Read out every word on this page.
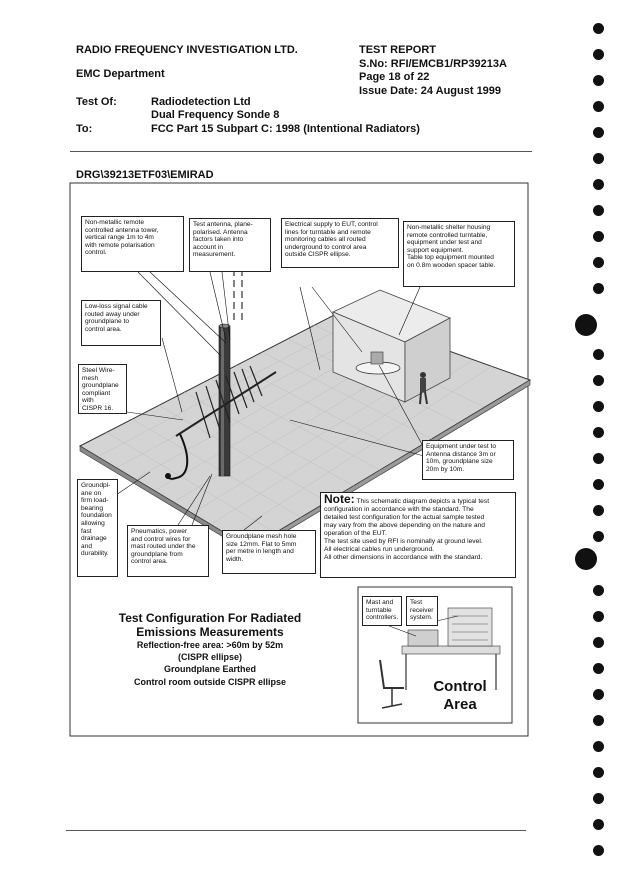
RADIO FREQUENCY INVESTIGATION LTD.
EMC Department
TEST REPORT
S.No: RFI/EMCB1/RP39213A
Page 18 of 22
Issue Date: 24 August 1999
Test Of:	Radiodetection Ltd
Dual Frequency Sonde 8
To:	FCC Part 15 Subpart C: 1998 (Intentional Radiators)
DRG\39213ETF03\EMIRAD
Non-metallic remote
controlled antenna tower,
vertical range 1m to 4m
with remote polarisation
control.
Test antenna, plane-
polarised. Antenna
factors taken into
account in
measurement.
Electrical supply to EUT, control
lines for turntable and remote
monitoring cables all routed
underground to control area
outside CISPR ellipse.
Non-metallic shelter housing
remote controlled turntable,
equipment under test and
support equipment.
Table top equipment mounted
on 0.8m wooden spacer table.
Low-loss signal cable
routed away under
groundplane to
control area.
Steel Wire-
mesh
groundplane
compliant with
CISPR 16.
Equipment under test to
Antenna distance 3m or
10m, groundplane size
20m by 10m.
Groundpl-
ane on
firm load-
bearing
foundation
allowing
fast
drainage
and
durability.
Pneumatics, power
and control wires for
mast routed under the
groundplane from
control area.
Groundplane mesh hole
size 12mm. Flat to 5mm
per metre in length and
width.
Note: This schematic diagram depicts a typical test
configuration in accordance with the standard. The
detailed test configuration for the actual sample tested
may vary from the above depending on the nature and
operation of the EUT.
The test site used by RFI is nominally at ground level.
All electrical cables run underground.
All other dimensions in accordance with the standard.
Test Configuration For Radiated
Emissions Measurements
Reflection-free area: >60m by 52m
(CISPR ellipse)
Groundplane Earthed
Control room outside CISPR ellipse
Mast and
turntable
controllers.
Test
receiver
system.
Control
Area
